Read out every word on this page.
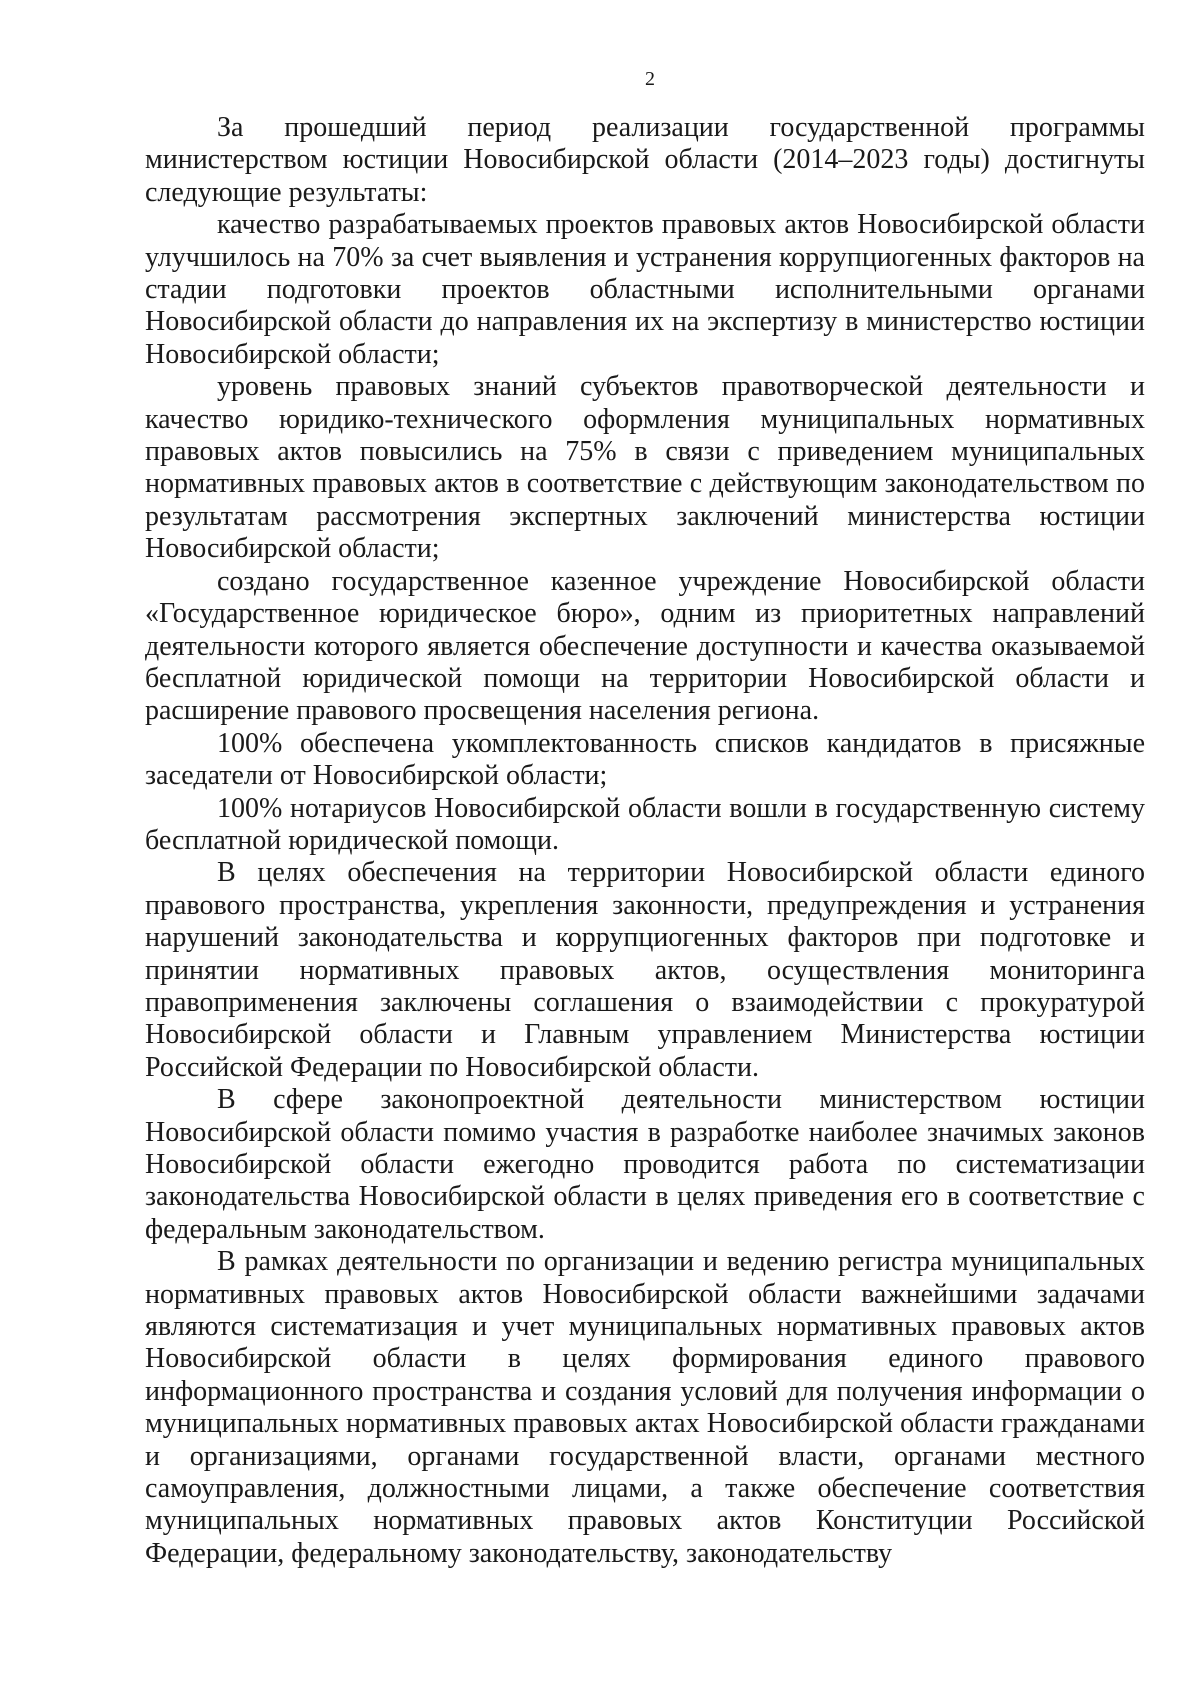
2

За прошедший период реализации государственной программы министерством юстиции Новосибирской области (2014–2023 годы) достигнуты следующие результаты:

качество разрабатываемых проектов правовых актов Новосибирской области улучшилось на 70% за счет выявления и устранения коррупциогенных факторов на стадии подготовки проектов областными исполнительными органами Новосибирской области до направления их на экспертизу в министерство юстиции Новосибирской области;

уровень правовых знаний субъектов правотворческой деятельности и качество юридико-технического оформления муниципальных нормативных правовых актов повысились на 75% в связи с приведением муниципальных нормативных правовых актов в соответствие с действующим законодательством по результатам рассмотрения экспертных заключений министерства юстиции Новосибирской области;

создано государственное казенное учреждение Новосибирской области «Государственное юридическое бюро», одним из приоритетных направлений деятельности которого является обеспечение доступности и качества оказываемой бесплатной юридической помощи на территории Новосибирской области и расширение правового просвещения населения региона.

100% обеспечена укомплектованность списков кандидатов в присяжные заседатели от Новосибирской области;

100% нотариусов Новосибирской области вошли в государственную систему бесплатной юридической помощи.

В целях обеспечения на территории Новосибирской области единого правового пространства, укрепления законности, предупреждения и устранения нарушений законодательства и коррупциогенных факторов при подготовке и принятии нормативных правовых актов, осуществления мониторинга правоприменения заключены соглашения о взаимодействии с прокуратурой Новосибирской области и Главным управлением Министерства юстиции Российской Федерации по Новосибирской области.

В сфере законопроектной деятельности министерством юстиции Новосибирской области помимо участия в разработке наиболее значимых законов Новосибирской области ежегодно проводится работа по систематизации законодательства Новосибирской области в целях приведения его в соответствие с федеральным законодательством.

В рамках деятельности по организации и ведению регистра муниципальных нормативных правовых актов Новосибирской области важнейшими задачами являются систематизация и учет муниципальных нормативных правовых актов Новосибирской области в целях формирования единого правового информационного пространства и создания условий для получения информации о муниципальных нормативных правовых актах Новосибирской области гражданами и организациями, органами государственной власти, органами местного самоуправления, должностными лицами, а также обеспечение соответствия муниципальных нормативных правовых актов Конституции Российской Федерации, федеральному законодательству, законодательству
